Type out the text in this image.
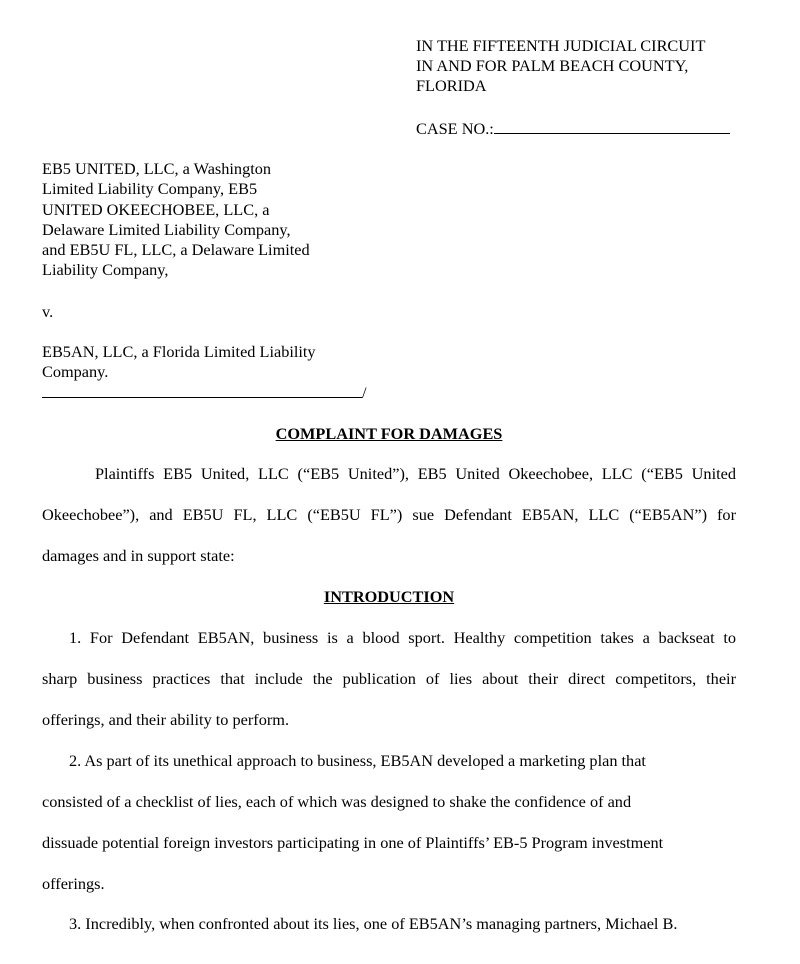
IN THE FIFTEENTH JUDICIAL CIRCUIT
IN AND FOR PALM BEACH COUNTY,
FLORIDA
CASE NO.:
EB5 UNITED, LLC, a Washington
Limited Liability Company, EB5
UNITED OKEECHOBEE, LLC, a
Delaware Limited Liability Company,
and EB5U FL, LLC, a Delaware Limited
Liability Company,
v.
EB5AN, LLC, a Florida Limited Liability
Company.
/
COMPLAINT FOR DAMAGES
Plaintiffs EB5 United, LLC (“EB5 United”), EB5 United Okeechobee, LLC (“EB5 United
Okeechobee”), and EB5U FL, LLC (“EB5U FL”) sue Defendant EB5AN, LLC (“EB5AN”) for
damages and in support state:
INTRODUCTION
1. For Defendant EB5AN, business is a blood sport. Healthy competition takes a backseat to
sharp business practices that include the publication of lies about their direct competitors, their
offerings, and their ability to perform.
2. As part of its unethical approach to business, EB5AN developed a marketing plan that
consisted of a checklist of lies, each of which was designed to shake the confidence of and
dissuade potential foreign investors participating in one of Plaintiffs’ EB-5 Program investment
offerings.
3. Incredibly, when confronted about its lies, one of EB5AN’s managing partners, Michael B.
